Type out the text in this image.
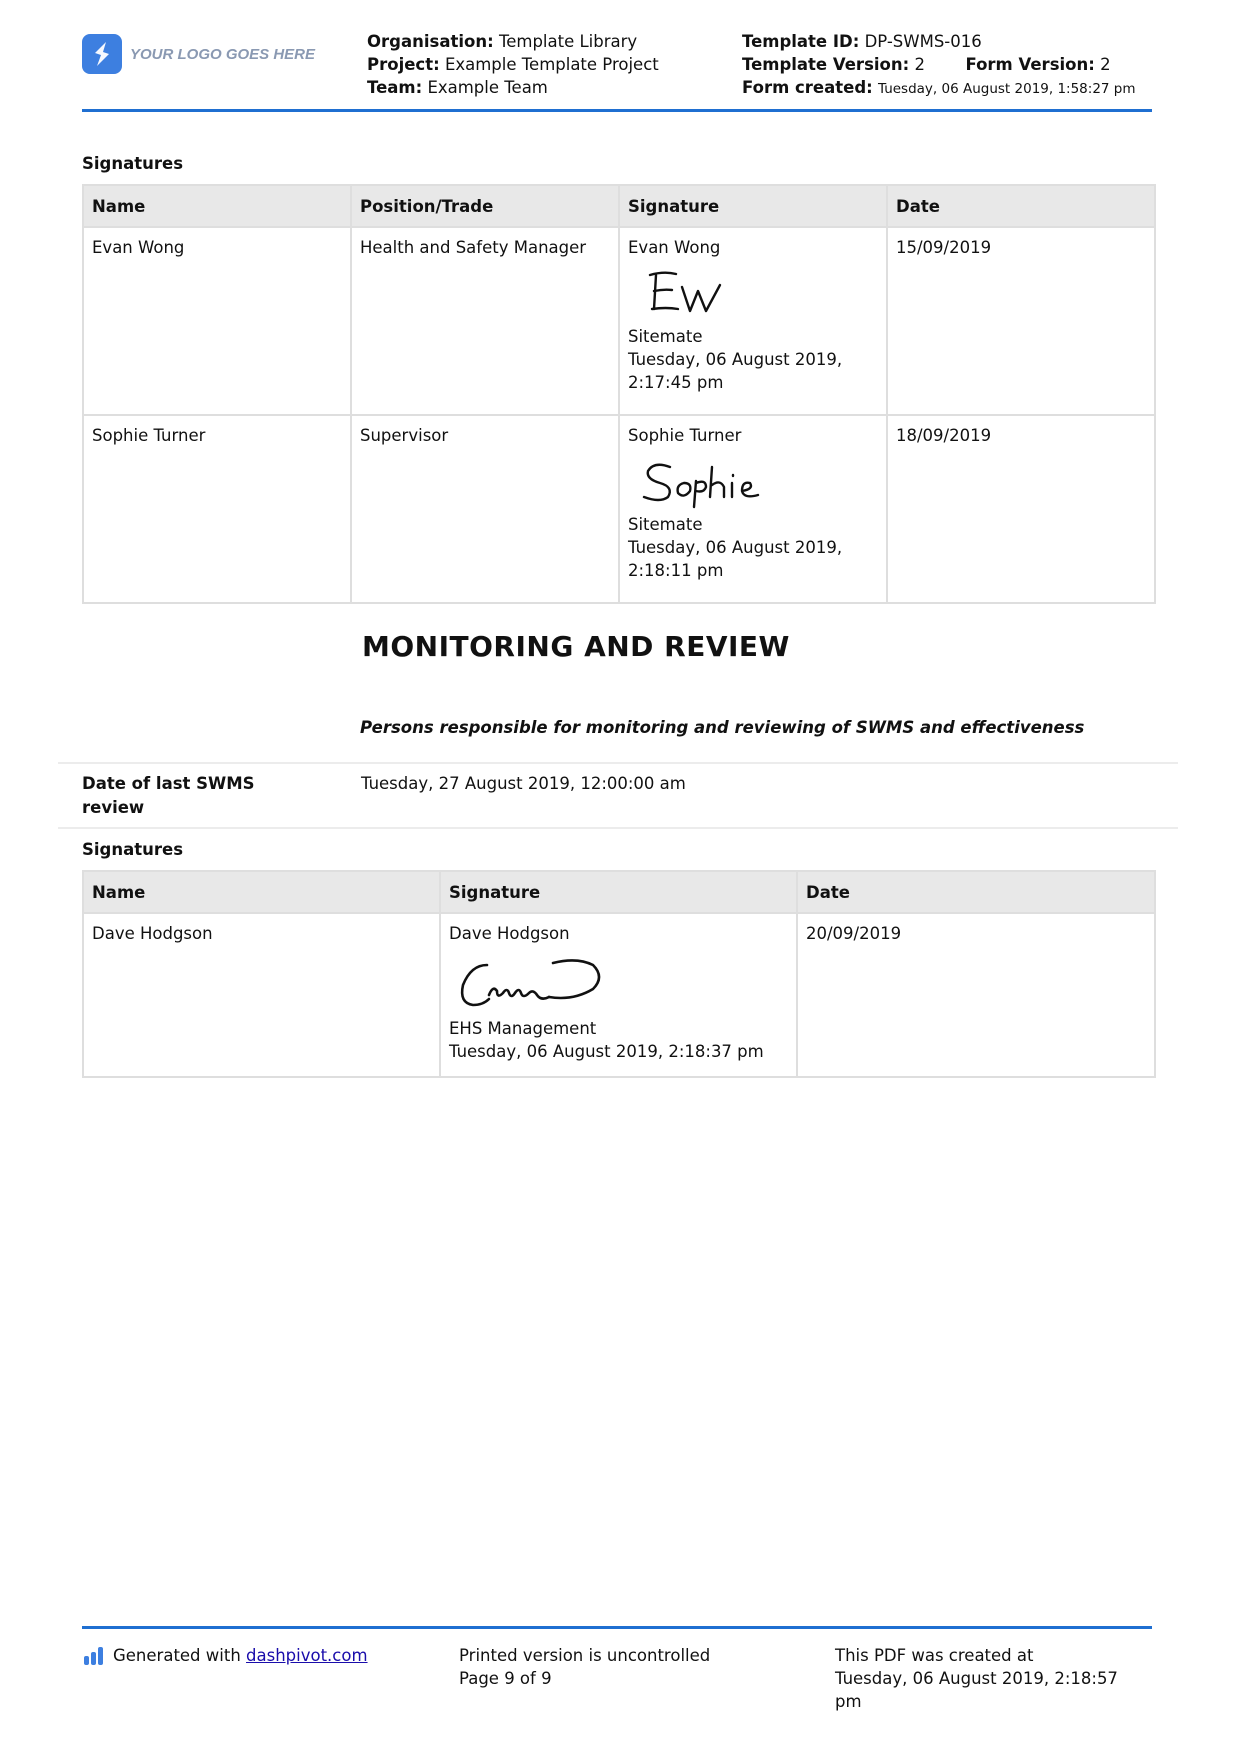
YOUR LOGO GOES HERE
Organisation: Template Library
Project: Example Template Project
Team: Example Team
Template ID: DP-SWMS-016
Template Version: 2 Form Version: 2
Form created: Tuesday, 06 August 2019, 1:58:27 pm
Signatures
Name	Position/Trade	Signature	Date
Evan Wong	Health and Safety Manager	Evan Wong
Sitemate
Tuesday, 06 August 2019,
2:17:45 pm	15/09/2019
Sophie Turner	Supervisor	Sophie Turner
Sitemate
Tuesday, 06 August 2019,
2:18:11 pm	18/09/2019
MONITORING AND REVIEW
Persons responsible for monitoring and reviewing of SWMS and effectiveness
Date of last SWMS
review
Tuesday, 27 August 2019, 12:00:00 am
Signatures
Name	Signature	Date
Dave Hodgson	Dave Hodgson
EHS Management
Tuesday, 06 August 2019, 2:18:37 pm	20/09/2019
Generated with dashpivot.com	Printed version is uncontrolled
Page 9 of 9
This PDF was created at
Tuesday, 06 August 2019, 2:18:57
pm
